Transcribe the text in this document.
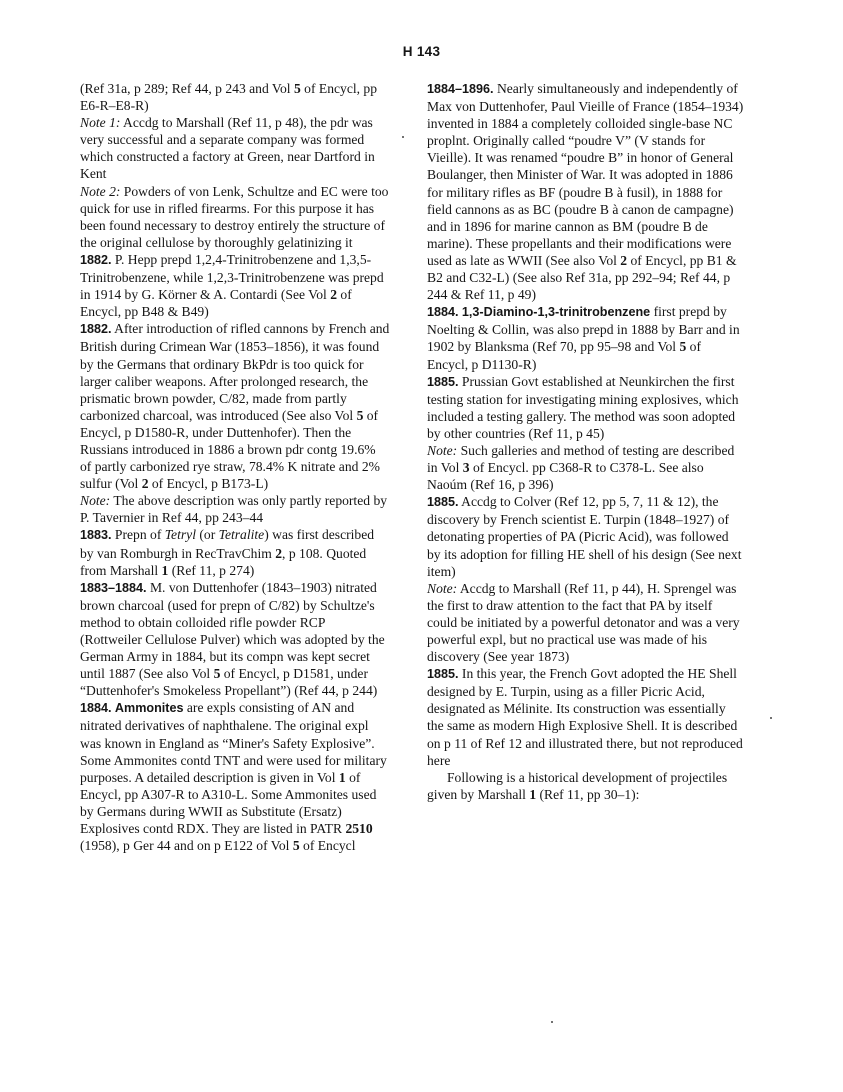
H 143

(Ref 31a, p 289; Ref 44, p 243 and Vol 5 of Encycl, pp E6-R–E8-R)

Note 1: Accdg to Marshall (Ref 11, p 48), the pdr was very successful and a separate company was formed which constructed a factory at Green, near Dartford in Kent

Note 2: Powders of von Lenk, Schultze and EC were too quick for use in rifled firearms. For this purpose it has been found necessary to destroy entirely the structure of the original cellulose by thoroughly gelatinizing it

1882. P. Hepp prepd 1,2,4-Trinitrobenzene and 1,3,5-Trinitrobenzene, while 1,2,3-Trinitrobenzene was prepd in 1914 by G. Körner & A. Contardi (See Vol 2 of Encycl, pp B48 & B49)

1882. After introduction of rifled cannons by French and British during Crimean War (1853–1856), it was found by the Germans that ordinary BkPdr is too quick for larger caliber weapons. After prolonged research, the prismatic brown powder, C/82, made from partly carbonized charcoal, was introduced (See also Vol 5 of Encycl, p D1580-R, under Duttenhofer). Then the Russians introduced in 1886 a brown pdr contg 19.6% of partly carbonized rye straw, 78.4% K nitrate and 2% sulfur (Vol 2 of Encycl, p B173-L)

Note: The above description was only partly reported by P. Tavernier in Ref 44, pp 243–44

1883. Prepn of Tetryl (or Tetralite) was first described by van Romburgh in RecTravChim 2, p 108. Quoted from Marshall 1 (Ref 11, p 274)

1883–1884. M. von Duttenhofer (1843–1903) nitrated brown charcoal (used for prepn of C/82) by Schultze's method to obtain colloided rifle powder RCP (Rottweiler Cellulose Pulver) which was adopted by the German Army in 1884, but its compn was kept secret until 1887 (See also Vol 5 of Encycl, p D1581, under “Duttenhofer's Smokeless Propellant”) (Ref 44, p 244)

1884. Ammonites are expls consisting of AN and nitrated derivatives of naphthalene. The original expl was known in England as “Miner's Safety Explosive”. Some Ammonites contd TNT and were used for military purposes. A detailed description is given in Vol 1 of Encycl, pp A307-R to A310-L. Some Ammonites used by Germans during WWII as Substitute (Ersatz) Explosives contd RDX. They are listed in PATR 2510 (1958), p Ger 44 and on p E122 of Vol 5 of Encycl

1884–1896. Nearly simultaneously and independently of Max von Duttenhofer, Paul Vieille of France (1854–1934) invented in 1884 a completely colloided single-base NC proplnt. Originally called “poudre V” (V stands for Vieille). It was renamed “poudre B” in honor of General Boulanger, then Minister of War. It was adopted in 1886 for military rifles as BF (poudre B à fusil), in 1888 for field cannons as as BC (poudre B à canon de campagne) and in 1896 for marine cannon as BM (poudre B de marine). These propellants and their modifications were used as late as WWII (See also Vol 2 of Encycl, pp B1 & B2 and C32-L) (See also Ref 31a, pp 292–94; Ref 44, p 244 & Ref 11, p 49)

1884. 1,3-Diamino-1,3-trinitrobenzene first prepd by Noelting & Collin, was also prepd in 1888 by Barr and in 1902 by Blanksma (Ref 70, pp 95–98 and Vol 5 of Encycl, p D1130-R)

1885. Prussian Govt established at Neunkirchen the first testing station for investigating mining explosives, which included a testing gallery. The method was soon adopted by other countries (Ref 11, p 45)

Note: Such galleries and method of testing are described in Vol 3 of Encycl. pp C368-R to C378-L. See also Naoúm (Ref 16, p 396)

1885. Accdg to Colver (Ref 12, pp 5, 7, 11 & 12), the discovery by French scientist E. Turpin (1848–1927) of detonating properties of PA (Picric Acid), was followed by its adoption for filling HE shell of his design (See next item)

Note: Accdg to Marshall (Ref 11, p 44), H. Sprengel was the first to draw attention to the fact that PA by itself could be initiated by a powerful detonator and was a very powerful expl, but no practical use was made of his discovery (See year 1873)

1885. In this year, the French Govt adopted the HE Shell designed by E. Turpin, using as a filler Picric Acid, designated as Mélinite. Its construction was essentially the same as modern High Explosive Shell. It is described on p 11 of Ref 12 and illustrated there, but not reproduced here

Following is a historical development of projectiles given by Marshall 1 (Ref 11, pp 30–1):
